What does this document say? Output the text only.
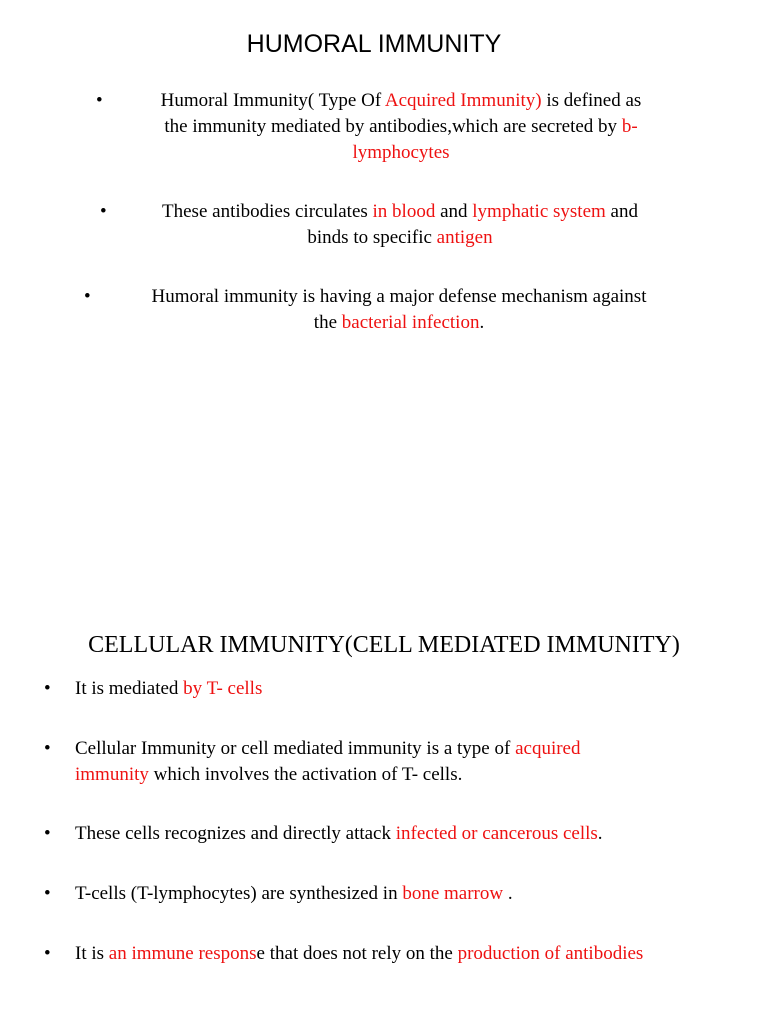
HUMORAL IMMUNITY
•	Humoral Immunity( Type Of Acquired Immunity) is defined as
the immunity mediated by antibodies,which are secreted by b-
lymphocytes
•	These antibodies circulates in blood and lymphatic system and
binds to specific antigen
•	Humoral immunity is having a major defense mechanism against
the bacterial infection.
CELLULAR IMMUNITY(CELL MEDIATED IMMUNITY)
• It is mediated by T- cells
• Cellular Immunity or cell mediated immunity is a type of acquired
immunity which involves the activation of T- cells.
• These cells recognizes and directly attack infected or cancerous cells.
• T-cells (T-lymphocytes) are synthesized in bone marrow .
• It is an immune response that does not rely on the production of antibodies
